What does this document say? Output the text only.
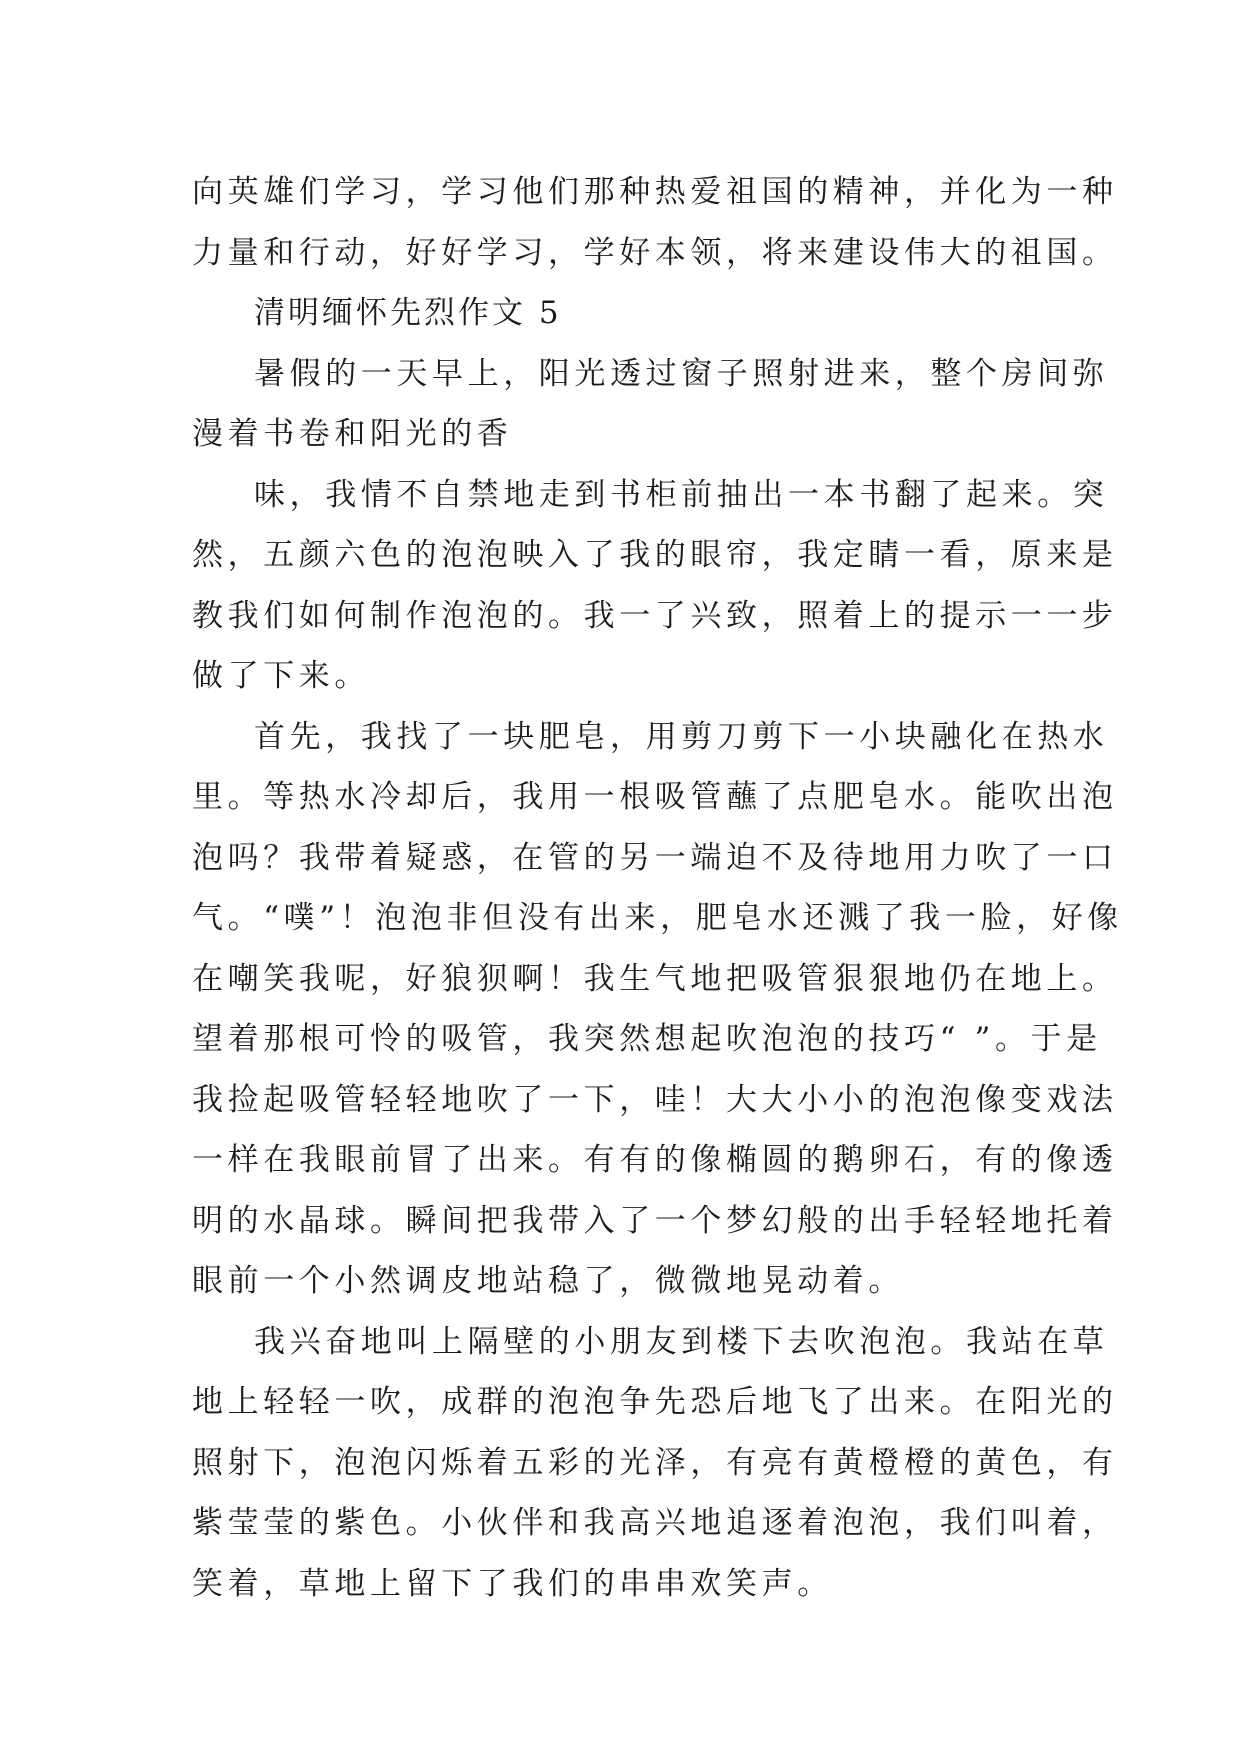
向英雄们学习，学习他们那种热爱祖国的精神，并化为一种
力量和行动，好好学习，学好本领，将来建设伟大的祖国。
清明缅怀先烈作文 5
暑假的一天早上，阳光透过窗子照射进来，整个房间弥
漫着书卷和阳光的香
味，我情不自禁地走到书柜前抽出一本书翻了起来。突
然，五颜六色的泡泡映入了我的眼帘，我定睛一看，原来是
教我们如何制作泡泡的。我一了兴致，照着上的提示一一步
做了下来。
首先，我找了一块肥皂，用剪刀剪下一小块融化在热水
里。等热水冷却后，我用一根吸管蘸了点肥皂水。能吹出泡
泡吗？我带着疑惑，在管的另一端迫不及待地用力吹了一口
气。“噗”！泡泡非但没有出来，肥皂水还溅了我一脸，好像
在嘲笑我呢，好狼狈啊！我生气地把吸管狠狠地仍在地上。
望着那根可怜的吸管，我突然想起吹泡泡的技巧“ ”。于是
我捡起吸管轻轻地吹了一下，哇！大大小小的泡泡像变戏法
一样在我眼前冒了出来。有有的像椭圆的鹅卵石，有的像透
明的水晶球。瞬间把我带入了一个梦幻般的出手轻轻地托着
眼前一个小然调皮地站稳了，微微地晃动着。
我兴奋地叫上隔壁的小朋友到楼下去吹泡泡。我站在草
地上轻轻一吹，成群的泡泡争先恐后地飞了出来。在阳光的
照射下，泡泡闪烁着五彩的光泽，有亮有黄橙橙的黄色，有
紫莹莹的紫色。小伙伴和我高兴地追逐着泡泡，我们叫着，
笑着，草地上留下了我们的串串欢笑声。
